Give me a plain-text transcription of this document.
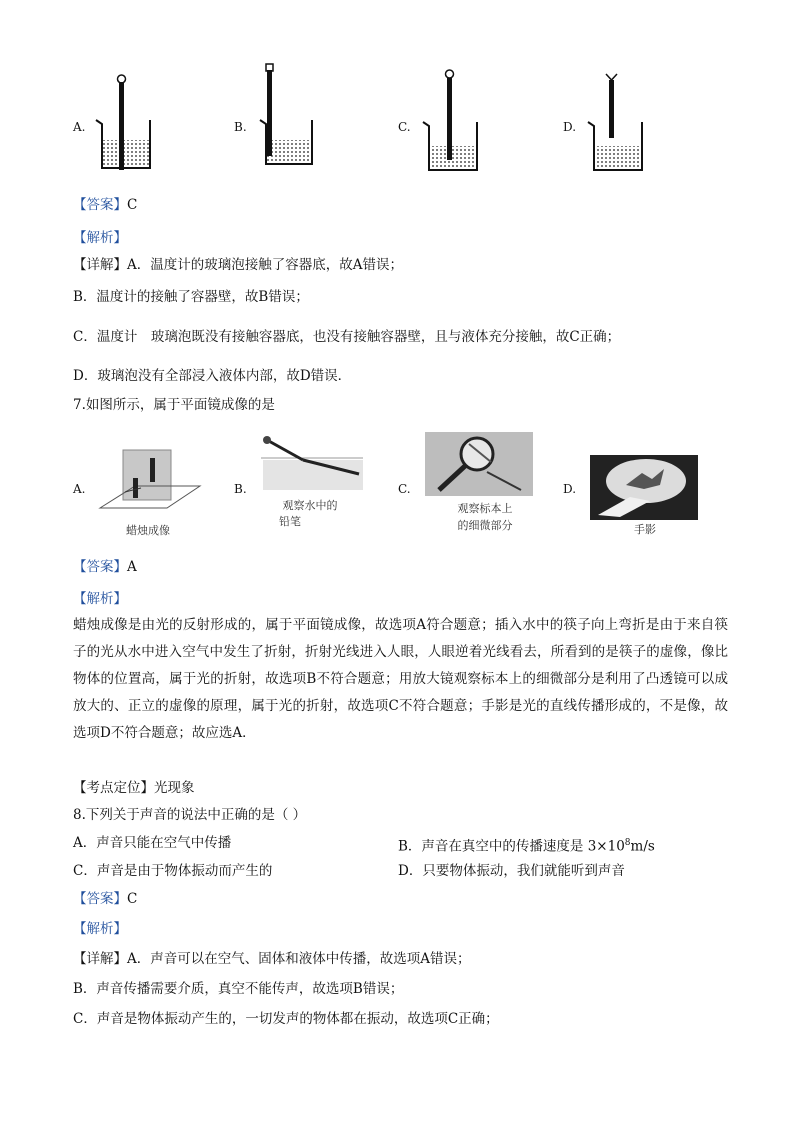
A.	B.	C.	D.
【答案】C
【解析】
【详解】A．温度计的玻璃泡接触了容器底，故A错误；
B．温度计的接触了容器壁，故B错误；
C．温度计　玻璃泡既没有接触容器底，也没有接触容器壁，且与液体充分接触，故C正确；
D．玻璃泡没有全部浸入液体内部，故D错误．
7.如图所示，属于平面镜成像的是
A.	B.	C.	D.
蜡烛成像
观察水中的
铅笔
观察标本上
的细微部分	手影
【答案】A
【解析】
蜡烛成像是由光的反射形成的，属于平面镜成像，故选项A符合题意；插入水中的筷子向上弯折是由于来自筷子的光从水中进入空气中发生了折射，折射光线进入人眼，人眼逆着光线看去，所看到的是筷子的虚像，像比物体的位置高，属于光的折射，故选项B不符合题意；用放大镜观察标本上的细微部分是利用了凸透镜可以成放大的、正立的虚像的原理，属于光的折射，故选项C不符合题意；手影是光的直线传播形成的，不是像，故选项D不符合题意；故应选A．
【考点定位】光现象
8.下列关于声音的说法中正确的是（ ）
A．声音只能在空气中传播	B．声音在真空中的传播速度是 $3\times 10^8m/s$
C．声音是由于物体振动而产生的	D．只要物体振动，我们就能听到声音
【答案】C
【解析】
【详解】A．声音可以在空气、固体和液体中传播，故选项A错误；
B．声音传播需要介质，真空不能传声，故选项B错误；
C．声音是物体振动产生的，一切发声的物体都在振动，故选项C正确；
